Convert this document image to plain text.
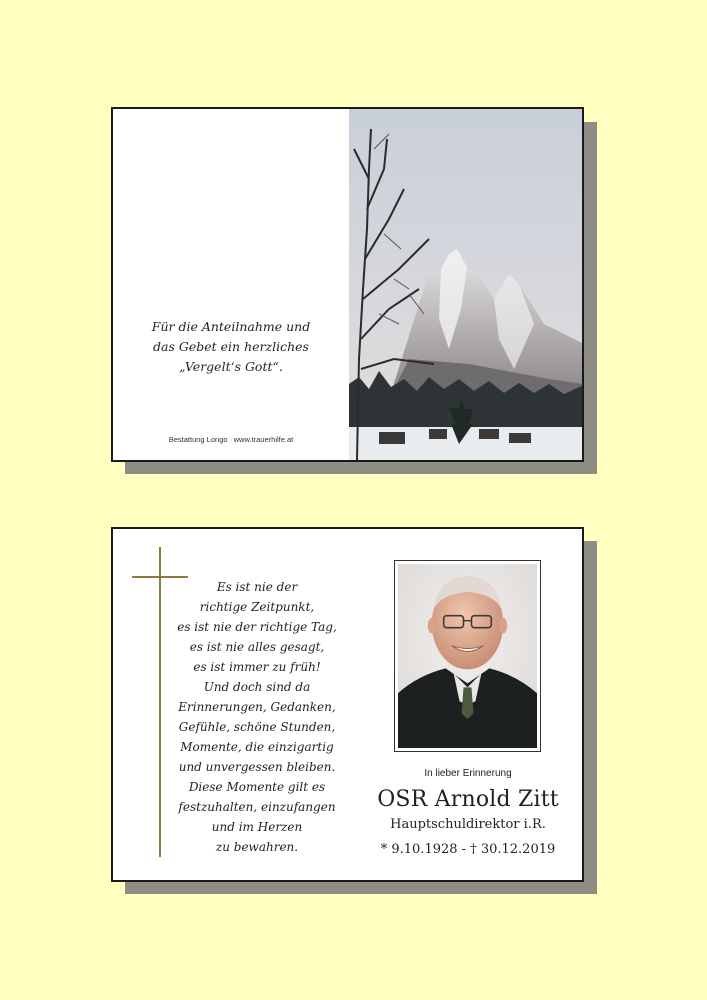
Für die Anteilnahme und
das Gebet ein herzliches
„Vergelt‘s Gott“.
Bestattung Longo www.trauerhilfe.at
Es ist nie der
richtige Zeitpunkt,
es ist nie der richtige Tag,
es ist nie alles gesagt,
es ist immer zu früh!
Und doch sind da
Erinnerungen, Gedanken,
Gefühle, schöne Stunden,
Momente, die einzigartig
und unvergessen bleiben.
Diese Momente gilt es
festzuhalten, einzufangen
und im Herzen
zu bewahren.
In lieber Erinnerung
OSR Arnold Zitt
Hauptschuldirektor i.R.
* 9.10.1928 - † 30.12.2019
